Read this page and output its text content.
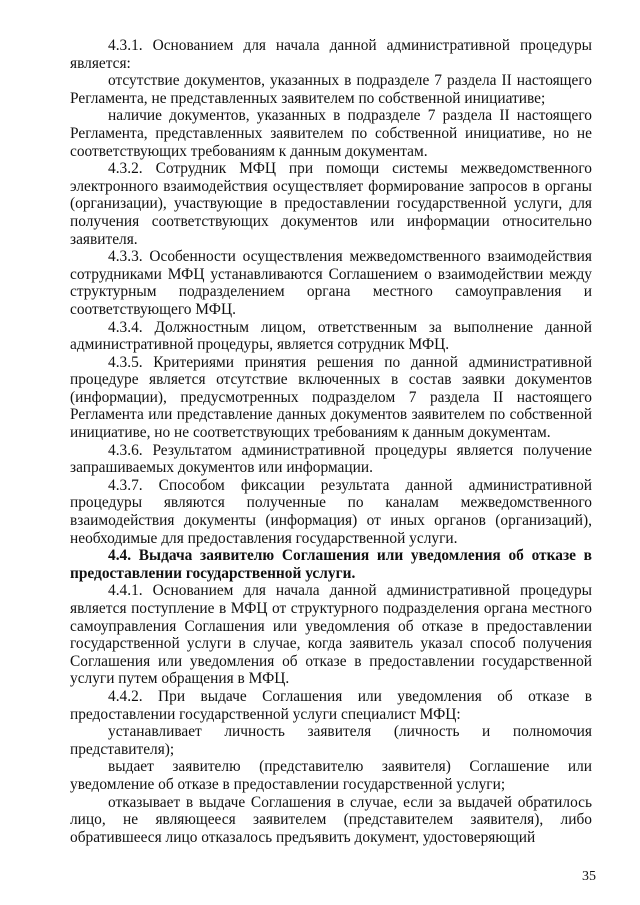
4.3.1. Основанием для начала данной административной процедуры является:

отсутствие документов, указанных в подразделе 7 раздела II настоящего Регламента, не представленных заявителем по собственной инициативе;

наличие документов, указанных в подразделе 7 раздела II настоящего Регламента, представленных заявителем по собственной инициативе, но не соответствующих требованиям к данным документам.

4.3.2. Сотрудник МФЦ при помощи системы межведомственного электронного взаимодействия осуществляет формирование запросов в органы (организации), участвующие в предоставлении государственной услуги, для получения соответствующих документов или информации относительно заявителя.

4.3.3. Особенности осуществления межведомственного взаимодействия сотрудниками МФЦ устанавливаются Соглашением о взаимодействии между структурным подразделением органа местного самоуправления и соответствующего МФЦ.

4.3.4. Должностным лицом, ответственным за выполнение данной административной процедуры, является сотрудник МФЦ.

4.3.5. Критериями принятия решения по данной административной процедуре является отсутствие включенных в состав заявки документов (информации), предусмотренных подразделом 7 раздела II настоящего Регламента или представление данных документов заявителем по собственной инициативе, но не соответствующих требованиям к данным документам.

4.3.6. Результатом административной процедуры является получение запрашиваемых документов или информации.

4.3.7. Способом фиксации результата данной административной процедуры являются полученные по каналам межведомственного взаимодействия документы (информация) от иных органов (организаций), необходимые для предоставления государственной услуги.

4.4. Выдача заявителю Соглашения или уведомления об отказе в предоставлении государственной услуги.

4.4.1. Основанием для начала данной административной процедуры является поступление в МФЦ от структурного подразделения органа местного самоуправления Соглашения или уведомления об отказе в предоставлении государственной услуги в случае, когда заявитель указал способ получения Соглашения или уведомления об отказе в предоставлении государственной услуги путем обращения в МФЦ.

4.4.2. При выдаче Соглашения или уведомления об отказе в предоставлении государственной услуги специалист МФЦ:

устанавливает личность заявителя (личность и полномочия представителя);

выдает заявителю (представителю заявителя) Соглашение или уведомление об отказе в предоставлении государственной услуги;

отказывает в выдаче Соглашения в случае, если за выдачей обратилось лицо, не являющееся заявителем (представителем заявителя), либо обратившееся лицо отказалось предъявить документ, удостоверяющий

35
